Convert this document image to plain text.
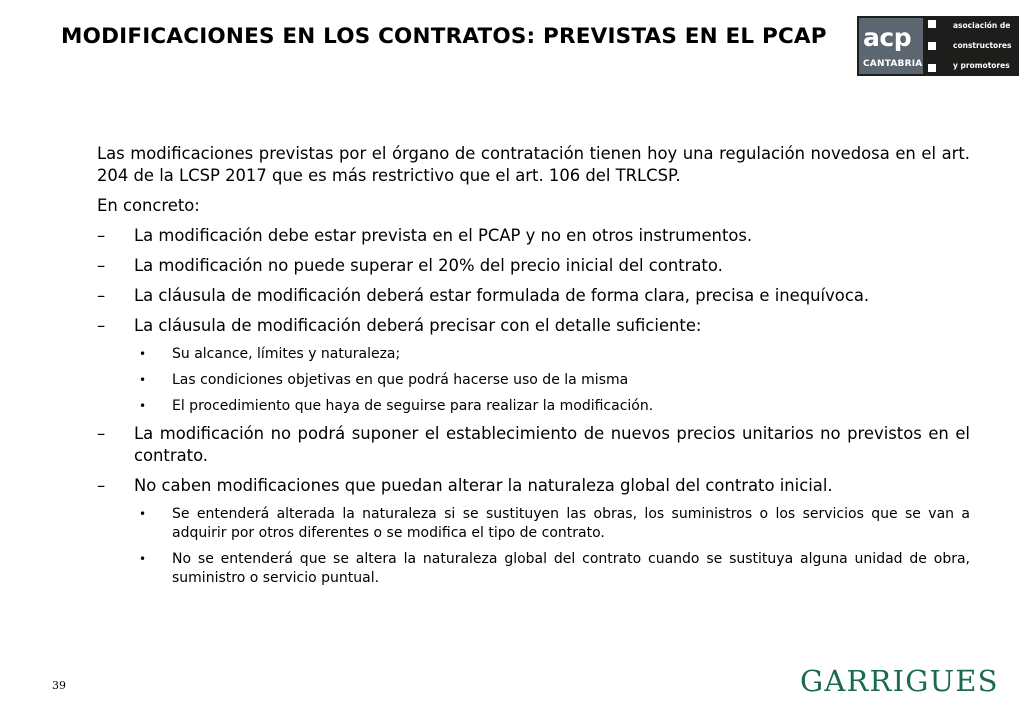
MODIFICACIONES EN LOS CONTRATOS: PREVISTAS EN EL PCAP acp
CANTABRIA
asociación de
constructores
y promotores

Las modificaciones previstas por el órgano de contratación tienen hoy una regulación novedosa en el art. 204 de la LCSP 2017 que es más restrictivo que el art. 106 del TRLCSP.

En concreto:

– La modificación debe estar prevista en el PCAP y no en otros instrumentos.
– La modificación no puede superar el 20% del precio inicial del contrato.
– La cláusula de modificación deberá estar formulada de forma clara, precisa e inequívoca.
– La cláusula de modificación deberá precisar con el detalle suficiente:
• Su alcance, límites y naturaleza;
• Las condiciones objetivas en que podrá hacerse uso de la misma
• El procedimiento que haya de seguirse para realizar la modificación.
– La modificación no podrá suponer el establecimiento de nuevos precios unitarios no previstos en el contrato.
– No caben modificaciones que puedan alterar la naturaleza global del contrato inicial.
• Se entenderá alterada la naturaleza si se sustituyen las obras, los suministros o los servicios que se van a adquirir por otros diferentes o se modifica el tipo de contrato.
• No se entenderá que se altera la naturaleza global del contrato cuando se sustituya alguna unidad de obra, suministro o servicio puntual.
39	GARRIGUES
